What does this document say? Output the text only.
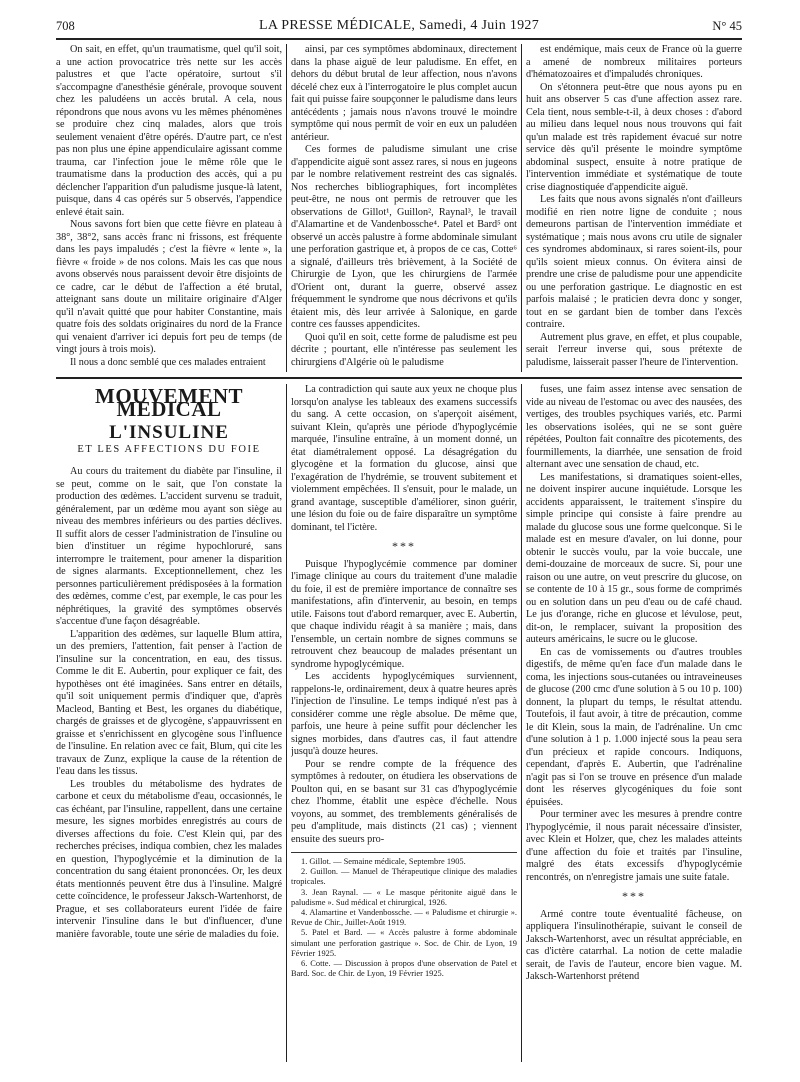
708	LA PRESSE MÉDICALE, Samedi, 4 Juin 1927	N° 45

On sait, en effet, qu'un traumatisme, quel qu'il soit, a une action provocatrice très nette sur les accès palustres et que l'acte opératoire, surtout s'il s'accompagne d'anesthésie générale, provoque souvent chez les paludéens un accès brutal. A cela, nous répondrons que nous avons vu les mêmes phénomènes se produire chez cinq malades, alors que trois seulement venaient d'être opérés. D'autre part, ce n'est pas non plus une épine appendiculaire agissant comme trauma, car l'infection joue le même rôle que le traumatisme dans la production des accès, qui a pu déclencher l'apparition d'un paludisme jusque-là latent, puisque, dans 4 cas opérés sur 5 observés, l'appendice enlevé était sain.

Nous savons fort bien que cette fièvre en plateau à 38°, 38°2, sans accès franc ni frissons, est fréquente dans les pays impaludés ; c'est la fièvre « lente », la fièvre « froide » de nos colons. Mais les cas que nous avons observés nous paraissent devoir être disjoints de ce cadre, car le début de l'affection a été brutal, atteignant sans doute un militaire originaire d'Alger qu'il n'avait quitté que pour habiter Constantine, mais quatre fois des soldats originaires du nord de la France qui venaient d'arriver ici depuis fort peu de temps (de vingt jours à trois mois).

Il nous a donc semblé que ces malades entraient

ainsi, par ces symptômes abdominaux, directement dans la phase aiguë de leur paludisme. En effet, en dehors du début brutal de leur affection, nous n'avons décelé chez eux à l'interrogatoire le plus complet aucun fait qui puisse faire soupçonner le paludisme dans leurs antécédents ; jamais nous n'avons trouvé le moindre symptôme qui nous permît de voir en eux un paludéen antérieur.

Ces formes de paludisme simulant une crise d'appendicite aiguë sont assez rares, si nous en jugeons par le nombre relativement restreint des cas signalés. Nos recherches bibliographiques, fort incomplètes peut-être, ne nous ont permis de retrouver que les observations de Gillot¹, Guillon², Raynal³, le travail d'Alamartine et de Vandenbossche⁴. Patel et Bard⁵ ont observé un accès palustre à forme abdominale simulant une perforation gastrique et, à propos de ce cas, Cotte⁶ a signalé, d'ailleurs très brièvement, à la Société de Chirurgie de Lyon, que les chirurgiens de l'armée d'Orient ont, durant la guerre, observé assez fréquemment le syndrome que nous décrivons et qu'ils étaient mis, dès leur arrivée à Salonique, en garde contre ces fausses appendicites.

Quoi qu'il en soit, cette forme de paludisme est peu décrite ; pourtant, elle n'intéresse pas seulement les chirurgiens d'Algérie où le paludisme

est endémique, mais ceux de France où la guerre a amené de nombreux militaires porteurs d'hématozoaires et d'impaludés chroniques.

On s'étonnera peut-être que nous ayons pu en huit ans observer 5 cas d'une affection assez rare. Cela tient, nous semble-t-il, à deux choses : d'abord au milieu dans lequel nous nous trouvons qui fait qu'un malade est très rapidement évacué sur notre service dès qu'il présente le moindre symptôme abdominal suspect, ensuite à notre pratique de l'intervention immédiate et systématique de toute crise diagnostiquée d'appendicite aiguë.

Les faits que nous avons signalés n'ont d'ailleurs modifié en rien notre ligne de conduite ; nous demeurons partisan de l'intervention immédiate et systématique ; mais nous avons cru utile de signaler ces syndromes abdominaux, si rares soient-ils, pour qu'ils soient mieux connus. On évitera ainsi de prendre une crise de paludisme pour une appendicite ou une perforation gastrique. Le diagnostic en est parfois malaisé ; le praticien devra donc y songer, tout en se gardant bien de tomber dans l'excès contraire.

Autrement plus grave, en effet, et plus coupable, serait l'erreur inverse qui, sous prétexte de paludisme, laisserait passer l'heure de l'intervention.

MOUVEMENT MÉDICAL
L'INSULINE
ET LES AFFECTIONS DU FOIE

Au cours du traitement du diabète par l'insuline, il se peut, comme on le sait, que l'on constate la production des œdèmes. L'accident survenu se traduit, généralement, par un œdème mou ayant son siège au niveau des membres inférieurs ou des parties déclives. Il suffit alors de cesser l'administration de l'insuline ou bien d'instituer un régime hypochloruré, sans interrompre le traitement, pour amener la disparition de signes alarmants. Exceptionnellement, chez les personnes particulièrement prédisposées à la formation des œdèmes, comme c'est, par exemple, le cas pour les néphrétiques, la gravité des symptômes observés s'accentue d'une façon désagréable.

L'apparition des œdèmes, sur laquelle Blum attira, un des premiers, l'attention, fait penser à l'action de l'insuline sur la concentration, en eau, des tissus. Comme le dit E. Aubertin, pour expliquer ce fait, des hypothèses ont été imaginées. Sans entrer en détails, qu'il soit uniquement permis d'indiquer que, d'après Macleod, Banting et Best, les organes du diabétique, chargés de graisses et de glycogène, s'appauvrissent en graisse et s'enrichissent en glycogène sous l'influence de l'insuline. En relation avec ce fait, Blum, qui cite les travaux de Zunz, explique la cause de la rétention de l'eau dans les tissus.

Les troubles du métabolisme des hydrates de carbone et ceux du métabolisme d'eau, occasionnés, le cas échéant, par l'insuline, rappellent, dans une certaine mesure, les signes morbides enregistrés au cours de diverses affections du foie. C'est Klein qui, par des recherches précises, indiqua combien, chez les malades en question, l'hypoglycémie et la diminution de la concentration du sang étaient prononcées. Or, les deux états mentionnés peuvent être dus à l'insuline. Malgré cette coïncidence, le professeur Jaksch-Wartenhorst, de Prague, et ses collaborateurs eurent l'idée de faire intervenir l'insuline dans le but d'influencer, d'une manière favorable, toute une série de maladies du foie.

La contradiction qui saute aux yeux ne choque plus lorsqu'on analyse les tableaux des examens successifs du sang. A cette occasion, on s'aperçoit aisément, suivant Klein, qu'après une période d'hypoglycémie marquée, l'insuline entraîne, à un moment donné, un état diamétralement opposé. La désagrégation du glycogène et la formation du glucose, ainsi que l'exagération de l'hydrémie, se trouvent subitement et violemment empêchées. Il s'ensuit, pour le malade, un grand avantage, susceptible d'améliorer, sinon guérir, une lésion du foie ou de faire disparaître un symptôme dominant, tel l'ictère.

***

Puisque l'hypoglycémie commence par dominer l'image clinique au cours du traitement d'une maladie du foie, il est de première importance de connaître ses manifestations, afin d'intervenir, au besoin, en temps utile. Faisons tout d'abord remarquer, avec E. Aubertin, que chaque individu réagit à sa manière ; mais, dans l'ensemble, un certain nombre de signes communs se retrouvent chez beaucoup de malades présentant un syndrome hypoglycémique.

Les accidents hypoglycémiques surviennent, rappelons-le, ordinairement, deux à quatre heures après l'injection de l'insuline. Le temps indiqué n'est pas à considérer comme une règle absolue. De même que, parfois, une heure à peine suffit pour déclencher les signes morbides, dans d'autres cas, il faut attendre jusqu'à douze heures.

Pour se rendre compte de la fréquence des symptômes à redouter, on étudiera les observations de Poulton qui, en se basant sur 31 cas d'hypoglycémie chez l'homme, établit une espèce d'échelle. Nous voyons, au sommet, des tremblements généralisés de peu d'amplitude, mais distincts (21 cas) ; viennent ensuite des sueurs pro-

1. Gillot. — Semaine médicale, Septembre 1905.
2. Guillon. — Manuel de Thérapeutique clinique des maladies tropicales.
3. Jean Raynal. — « Le masque péritonite aiguë dans le paludisme ». Sud médical et chirurgical, 1926.
4. Alamartine et Vandenbossche. — « Paludisme et chirurgie ». Revue de Chir., Juillet-Août 1919.
5. Patel et Bard. — « Accès palustre à forme abdominale simulant une perforation gastrique ». Soc. de Chir. de Lyon, 19 Février 1925.
6. Cotte. — Discussion à propos d'une observation de Patel et Bard. Soc. de Chir. de Lyon, 19 Février 1925.

fuses, une faim assez intense avec sensation de vide au niveau de l'estomac ou avec des nausées, des vertiges, des troubles psychiques variés, etc. Parmi les observations isolées, qui ne se sont guère répétées, Poulton fait connaître des picotements, des fourmillements, la diarrhée, une sensation de froid alternant avec une sensation de chaud, etc.

Les manifestations, si dramatiques soient-elles, ne doivent inspirer aucune inquiétude. Lorsque les accidents apparaissent, le traitement s'inspire du simple principe qui consiste à faire prendre au malade du glucose sous une forme quelconque. Si le malade est en mesure d'avaler, on lui donne, pour obtenir le succès voulu, par la voie buccale, une demi-douzaine de morceaux de sucre. Si, pour une raison ou une autre, on veut prescrire du glucose, on se contente de 10 à 15 gr., sous forme de comprimés ou en solution dans un peu d'eau ou de café chaud. Le jus d'orange, riche en glucose et lévulose, peut, dit-on, le remplacer, suivant la proposition des auteurs américains, le sucre ou le glucose.

En cas de vomissements ou d'autres troubles digestifs, de même qu'en face d'un malade dans le coma, les injections sous-cutanées ou intraveineuses de glucose (200 cmc d'une solution à 5 ou 10 p. 100) donnent, la plupart du temps, le résultat attendu. Toutefois, il faut avoir, à titre de précaution, comme le dit Klein, sous la main, de l'adrénaline. Un cmc d'une solution à 1 p. 1.000 injecté sous la peau sera d'un précieux et rapide concours. Indiquons, cependant, d'après E. Aubertin, que l'adrénaline n'agit pas si l'on se trouve en présence d'un malade dont les réserves glycogéniques du foie sont épuisées.

Pour terminer avec les mesures à prendre contre l'hypoglycémie, il nous parait nécessaire d'insister, avec Klein et Holzer, que, chez les malades atteints d'une affection du foie et traités par l'insuline, malgré des états excessifs d'hypoglycémie rencontrés, on n'enregistre jamais une suite fatale.

***

Armé contre toute éventualité fâcheuse, on appliquera l'insulinothérapie, suivant le conseil de Jaksch-Wartenhorst, avec un résultat appréciable, en cas d'ictère catarrhal. La notion de cette maladie serait, de l'avis de l'auteur, encore bien vague. M. Jaksch-Wartenhorst prétend
